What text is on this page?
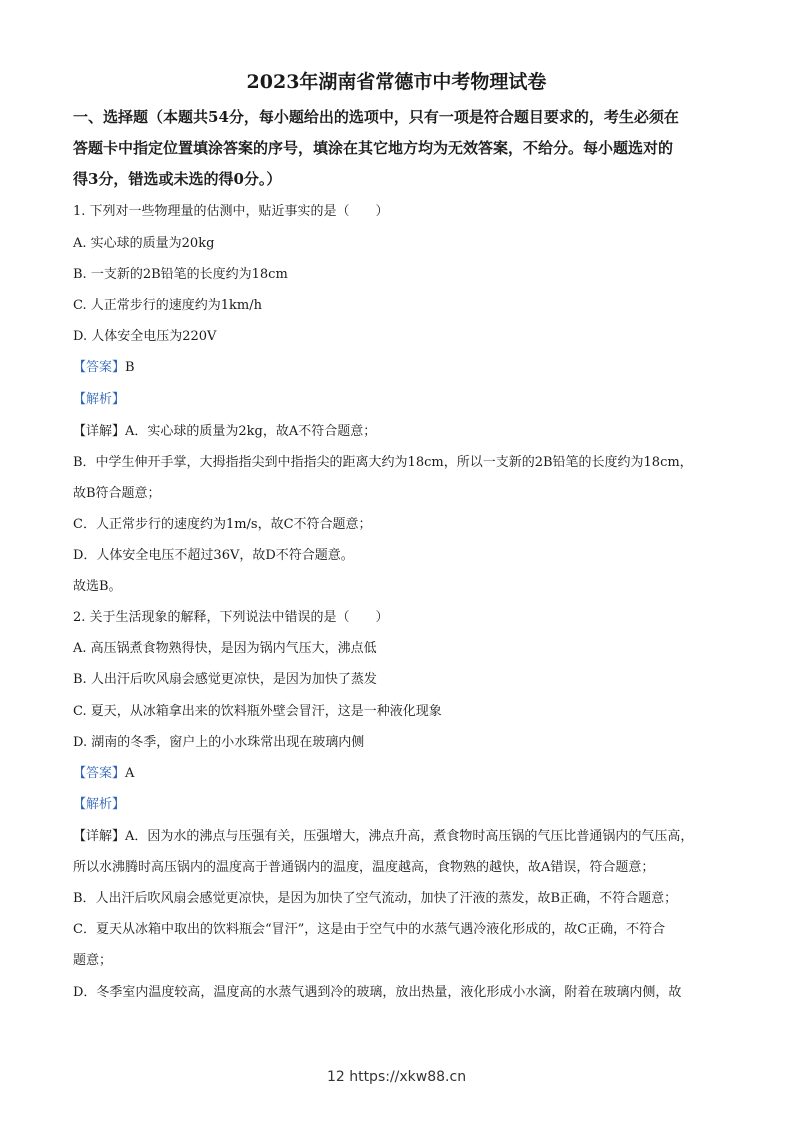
2023年湖南省常德市中考物理试卷
一、选择题（本题共54分，每小题给出的选项中，只有一项是符合题目要求的，考生必须在
答题卡中指定位置填涂答案的序号，填涂在其它地方均为无效答案，不给分。每小题选对的
得3分，错选或未选的得0分。）
1. 下列对一些物理量的估测中，贴近事实的是（　　）
A. 实心球的质量为20kg
B. 一支新的2B铅笔的长度约为18cm
C. 人正常步行的速度约为1km/h
D. 人体安全电压为220V
【答案】B
【解析】
【详解】A．实心球的质量为2kg，故A不符合题意；
B．中学生伸开手掌，大拇指指尖到中指指尖的距离大约为18cm，所以一支新的2B铅笔的长度约为18cm，
故B符合题意；
C．人正常步行的速度约为1m/s，故C不符合题意；
D．人体安全电压不超过36V，故D不符合题意。
故选B。
2. 关于生活现象的解释，下列说法中错误的是（　　）
A. 高压锅煮食物熟得快，是因为锅内气压大，沸点低
B. 人出汗后吹风扇会感觉更凉快，是因为加快了蒸发
C. 夏天，从冰箱拿出来的饮料瓶外壁会冒汗，这是一种液化现象
D. 湖南的冬季，窗户上的小水珠常出现在玻璃内侧
【答案】A
【解析】
【详解】A．因为水的沸点与压强有关，压强增大，沸点升高，煮食物时高压锅的气压比普通锅内的气压高，
所以水沸腾时高压锅内的温度高于普通锅内的温度，温度越高，食物熟的越快，故A错误，符合题意；
B．人出汗后吹风扇会感觉更凉快，是因为加快了空气流动，加快了汗液的蒸发，故B正确，不符合题意；
C．夏天从冰箱中取出的饮料瓶会“冒汗”，这是由于空气中的水蒸气遇冷液化形成的，故C正确，不符合
题意；
D．冬季室内温度较高，温度高的水蒸气遇到冷的玻璃，放出热量，液化形成小水滴，附着在玻璃内侧，故
12 https://xkw88.cn
